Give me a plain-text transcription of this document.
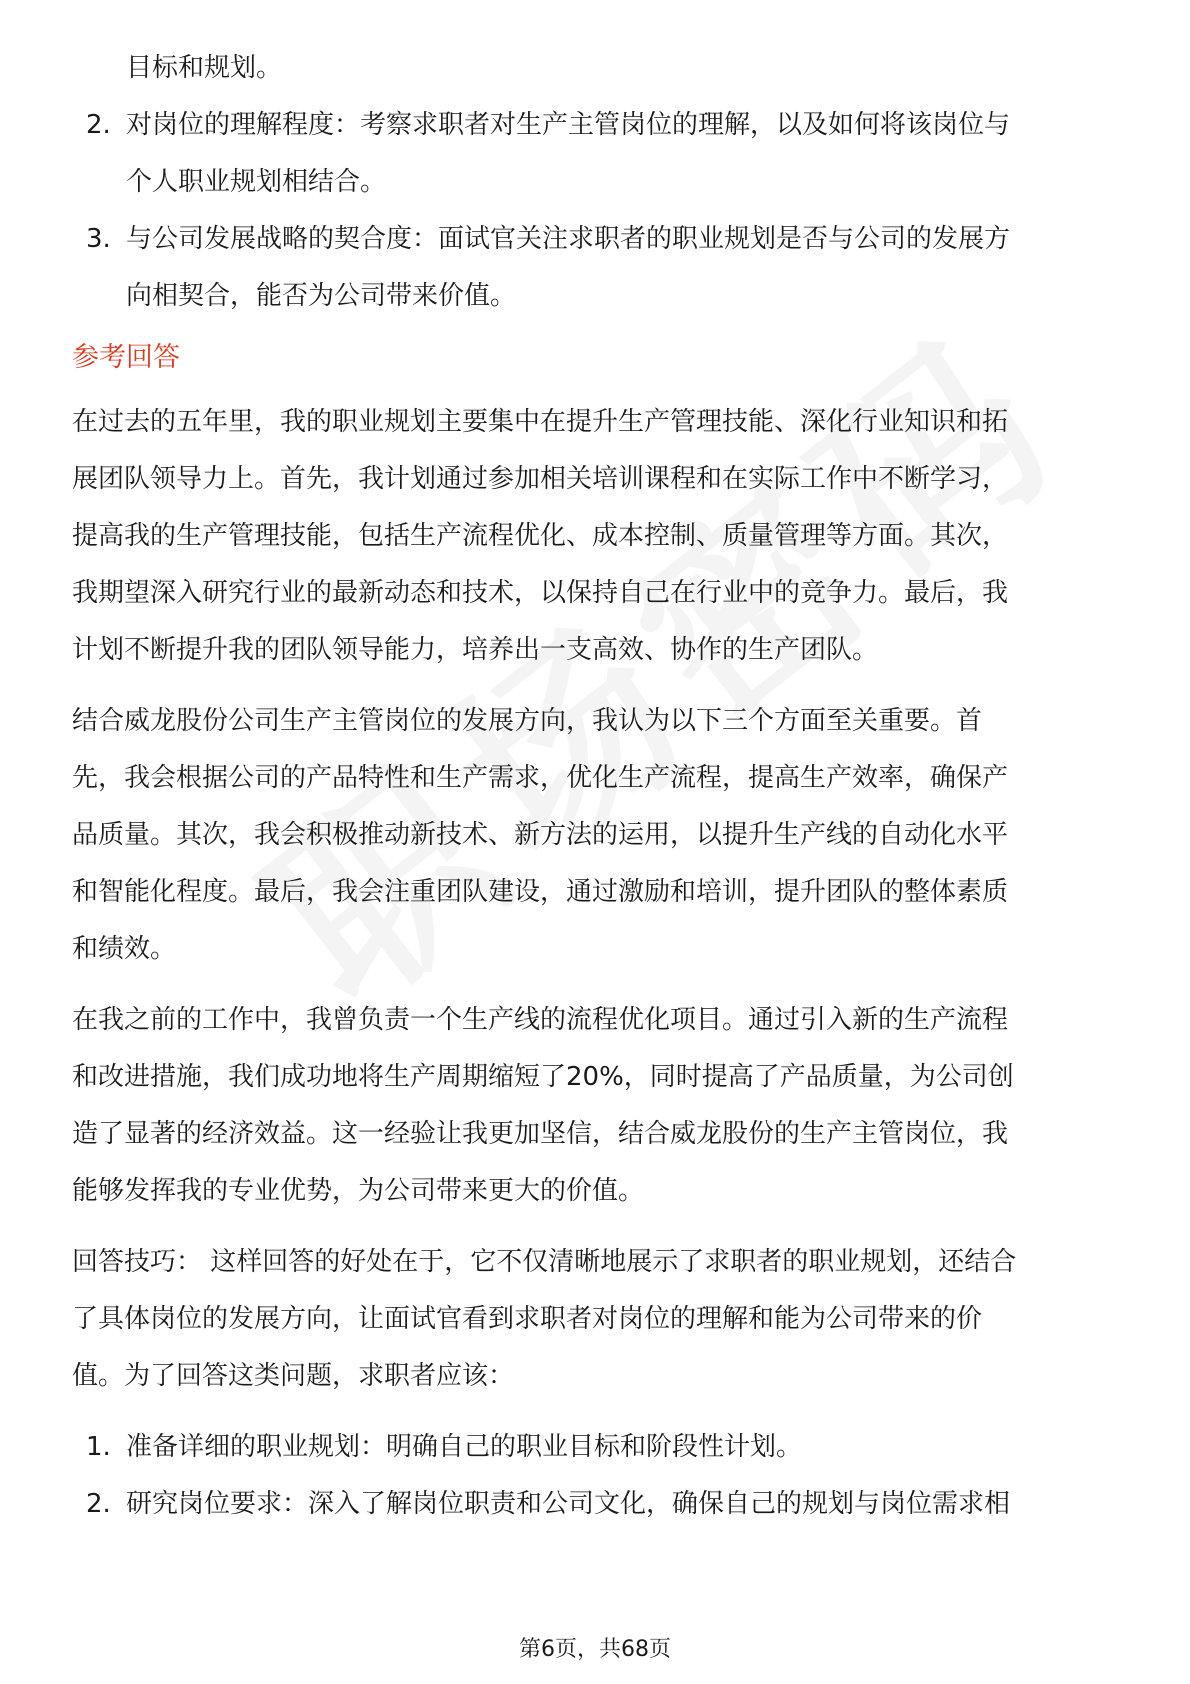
目标和规划。
2. 对岗位的理解程度：考察求职者对生产主管岗位的理解，以及如何将该岗位与
个人职业规划相结合。
3. 与公司发展战略的契合度：面试官关注求职者的职业规划是否与公司的发展方
向相契合，能否为公司带来价值。
参考回答
在过去的五年里，我的职业规划主要集中在提升生产管理技能、深化行业知识和拓
展团队领导力上。首先，我计划通过参加相关培训课程和在实际工作中不断学习，
提高我的生产管理技能，包括生产流程优化、成本控制、质量管理等方面。其次，
我期望深入研究行业的最新动态和技术，以保持自己在行业中的竞争力。最后，我
计划不断提升我的团队领导能力，培养出一支高效、协作的生产团队。
结合威龙股份公司生产主管岗位的发展方向，我认为以下三个方面至关重要。首
先，我会根据公司的产品特性和生产需求，优化生产流程，提高生产效率，确保产
品质量。其次，我会积极推动新技术、新方法的运用，以提升生产线的自动化水平
和智能化程度。最后，我会注重团队建设，通过激励和培训，提升团队的整体素质
和绩效。
在我之前的工作中，我曾负责一个生产线的流程优化项目。通过引入新的生产流程
和改进措施，我们成功地将生产周期缩短了20%，同时提高了产品质量，为公司创
造了显著的经济效益。这一经验让我更加坚信，结合威龙股份的生产主管岗位，我
能够发挥我的专业优势，为公司带来更大的价值。
回答技巧： 这样回答的好处在于，它不仅清晰地展示了求职者的职业规划，还结合
了具体岗位的发展方向，让面试官看到求职者对岗位的理解和能为公司带来的价
值。为了回答这类问题，求职者应该：
1. 准备详细的职业规划：明确自己的职业目标和阶段性计划。
2. 研究岗位要求：深入了解岗位职责和公司文化，确保自己的规划与岗位需求相
第6页，共68页
